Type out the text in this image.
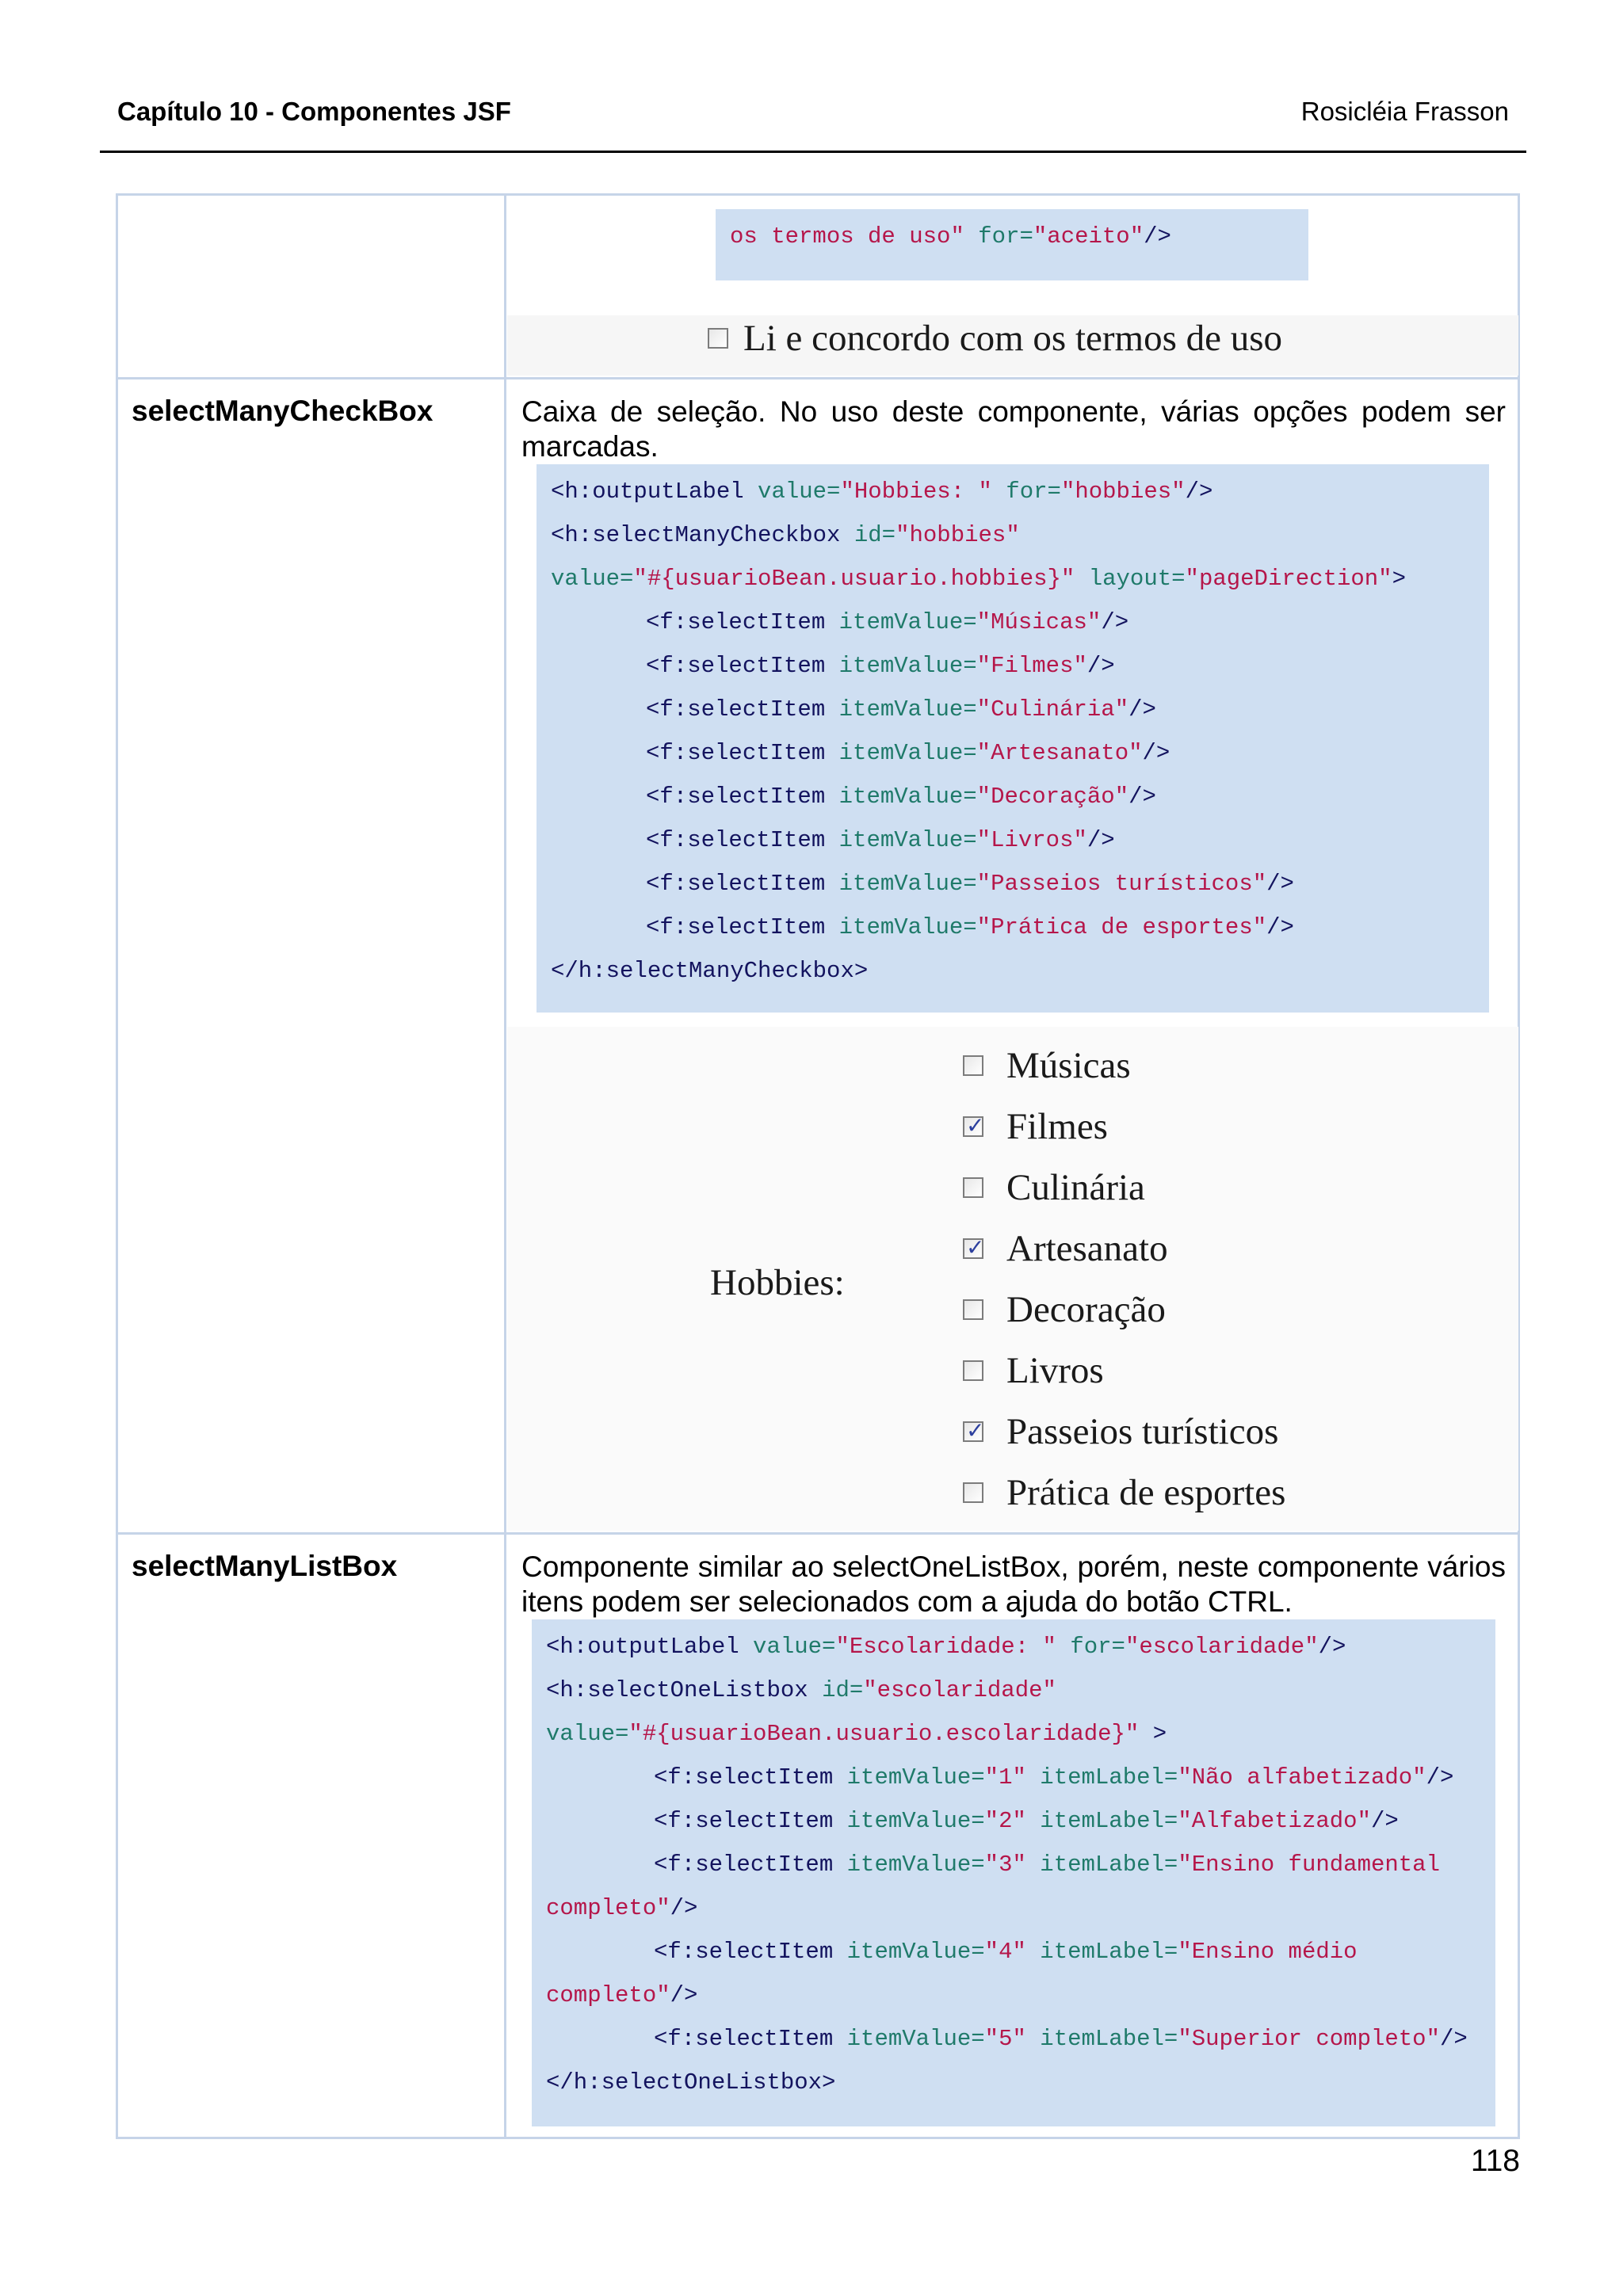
Capítulo 10 - Componentes JSF	Rosicléia Frasson
os termos de uso" for="aceito"/>
Li e concordo com os termos de uso
selectManyCheckBox	Caixa de seleção. No uso deste componente, várias opções podem ser marcadas.
<h:outputLabel value="Hobbies: " for="hobbies"/>
<h:selectManyCheckbox id="hobbies"
value="#{usuarioBean.usuario.hobbies}" layout="pageDirection">
<f:selectItem itemValue="Músicas"/>
<f:selectItem itemValue="Filmes"/>
<f:selectItem itemValue="Culinária"/>
<f:selectItem itemValue="Artesanato"/>
<f:selectItem itemValue="Decoração"/>
<f:selectItem itemValue="Livros"/>
<f:selectItem itemValue="Passeios turísticos"/>
<f:selectItem itemValue="Prática de esportes"/>
</h:selectManyCheckbox>
Hobbies:
Músicas
✓ Filmes
Culinária
✓ Artesanato
Decoração
Livros
✓ Passeios turísticos
Prática de esportes
selectManyListBox	Componente similar ao selectOneListBox, porém, neste componente vários itens podem ser selecionados com a ajuda do botão CTRL.
<h:outputLabel value="Escolaridade: " for="escolaridade"/>
<h:selectOneListbox id="escolaridade"
value="#{usuarioBean.usuario.escolaridade}" >
<f:selectItem itemValue="1" itemLabel="Não alfabetizado"/>
<f:selectItem itemValue="2" itemLabel="Alfabetizado"/>
<f:selectItem itemValue="3" itemLabel="Ensino fundamental
completo"/>
<f:selectItem itemValue="4" itemLabel="Ensino médio
completo"/>
<f:selectItem itemValue="5" itemLabel="Superior completo"/>
</h:selectOneListbox>
118
